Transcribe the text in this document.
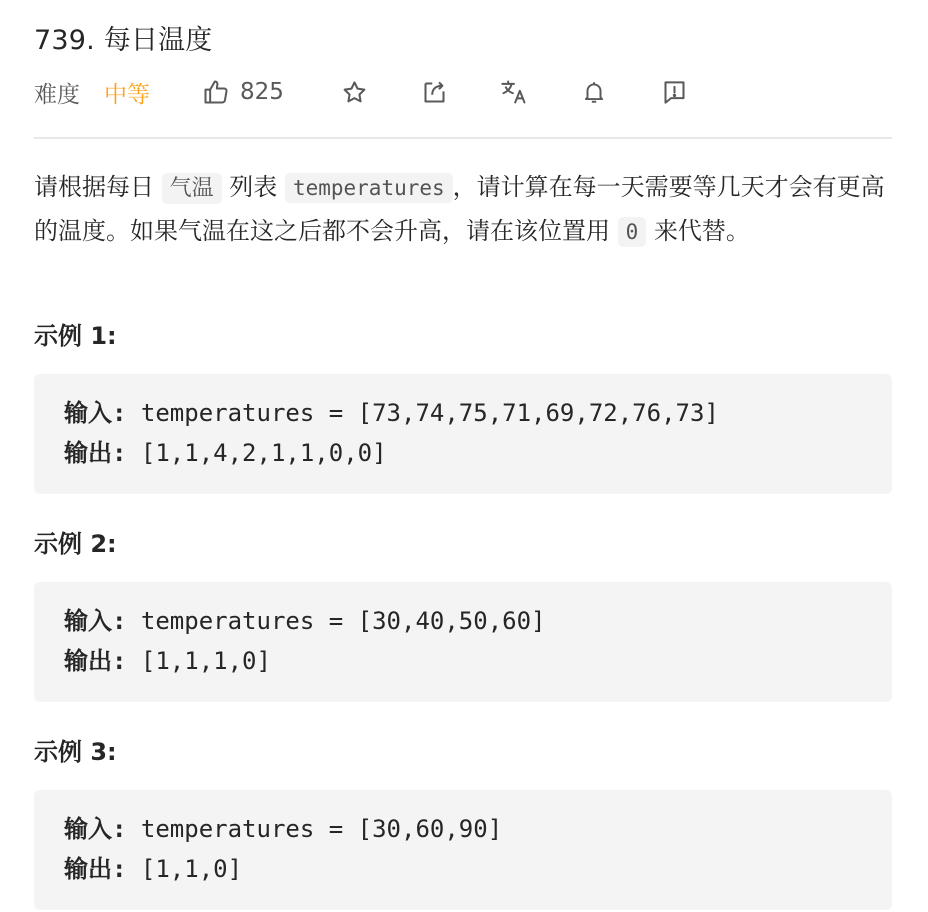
739. 每日温度
难度 中等	825
请根据每日 气温 列表 temperatures ，请计算在每一天需要等几天才会有更高的温度。如果气温在这之后都不会升高，请在该位置用 0 来代替。
示例 1:
输入: temperatures = [73,74,75,71,69,72,76,73]
输出: [1,1,4,2,1,1,0,0]
示例 2:
输入: temperatures = [30,40,50,60]
输出: [1,1,1,0]
示例 3:
输入: temperatures = [30,60,90]
输出: [1,1,0]
